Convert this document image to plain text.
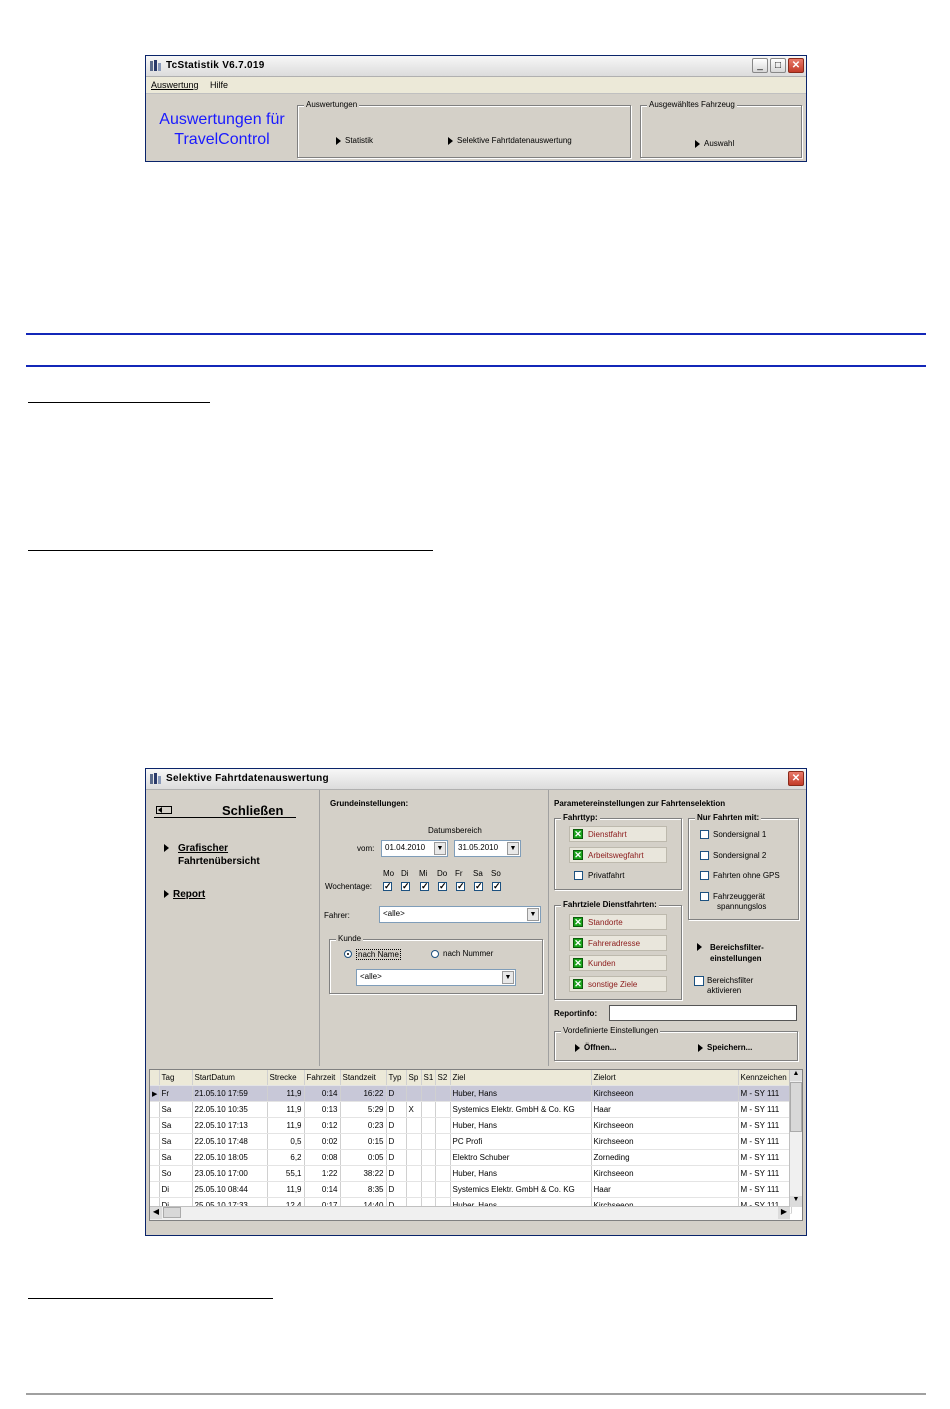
TcStatistik V6.7.019	_	□	✕
Auswertung Hilfe
Auswertungen für
TravelControl
Auswertungen
Statistik	Selektive Fahrtdatenauswertung
Ausgewähltes Fahrzeug
Auswahl
Selektive Fahrtdatenauswertung	✕
Schließen
Grafischer
Fahrtenübersicht
Report
Grundeinstellungen:
Datumsbereich
vom:	01.04.2010	▼	31.05.2010	▼
Mo Di Mi Do Fr Sa So
Wochentage: ✓ ✓ ✓ ✓ ✓ ✓ ✓
Fahrer:	<alle>	▼
Kunde
nach Name	nach Nummer
<alle>	▼
Parametereinstellungen zur Fahrtenselektion
Fahrttyp:
✕ Dienstfahrt
✕ Arbeitswegfahrt
Privatfahrt
Fahrtziele Dienstfahrten:
✕ Standorte
✕ Fahreradresse
✕ Kunden
✕ sonstige Ziele
Nur Fahrten mit:
Sondersignal 1
Sondersignal 2
Fahrten ohne GPS
Fahrzeuggerät
spannungslos
Bereichsfilter-
einstellungen
Bereichsfilter
aktivieren
Reportinfo:
Vordefinierte Einstellungen
Öffnen...	Speichern...
	Tag	StartDatum	Strecke	Fahrzeit	Standzeit	Typ	Sp	S1	S2	Ziel	Zielort	Kennzeichen
▶	Fr	21.05.10 17:59	11,9	0:14	16:22	D				Huber, Hans	Kirchseeon	M - SY 111
	Sa	22.05.10 10:35	11,9	0:13	5:29	D	X			Systemics Elektr. GmbH & Co. KG	Haar	M - SY 111
	Sa	22.05.10 17:13	11,9	0:12	0:23	D				Huber, Hans	Kirchseeon	M - SY 111
	Sa	22.05.10 17:48	0,5	0:02	0:15	D				PC Profi	Kirchseeon	M - SY 111
	Sa	22.05.10 18:05	6,2	0:08	0:05	D				Elektro Schuber	Zorneding	M - SY 111
	So	23.05.10 17:00	55,1	1:22	38:22	D				Huber, Hans	Kirchseeon	M - SY 111
	Di	25.05.10 08:44	11,9	0:14	8:35	D				Systemics Elektr. GmbH & Co. KG	Haar	M - SY 111

▲
▼
◀	▶
